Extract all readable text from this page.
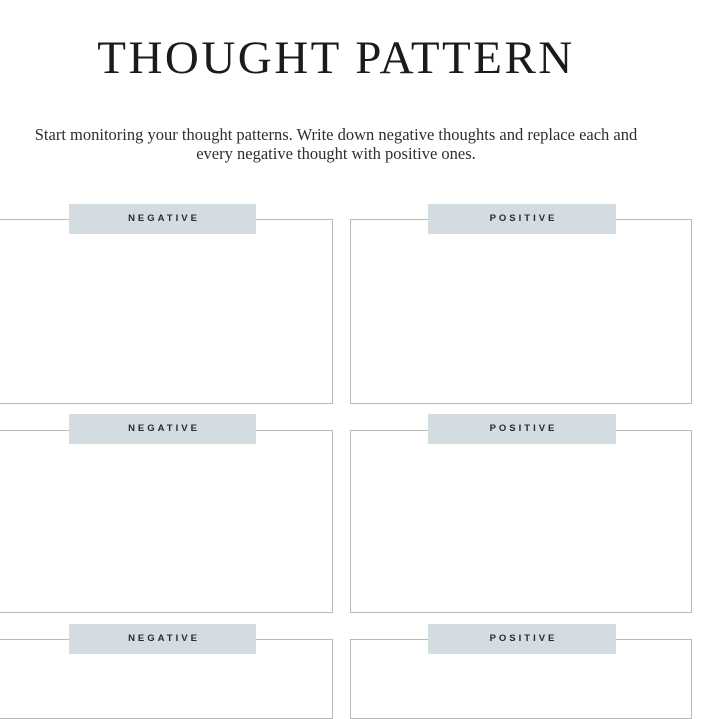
THOUGHT PATTERN
Start monitoring your thought patterns. Write down negative thoughts and replace each and every negative thought with positive ones.
NEGATIVE	POSITIVE
NEGATIVE	POSITIVE
NEGATIVE	POSITIVE
